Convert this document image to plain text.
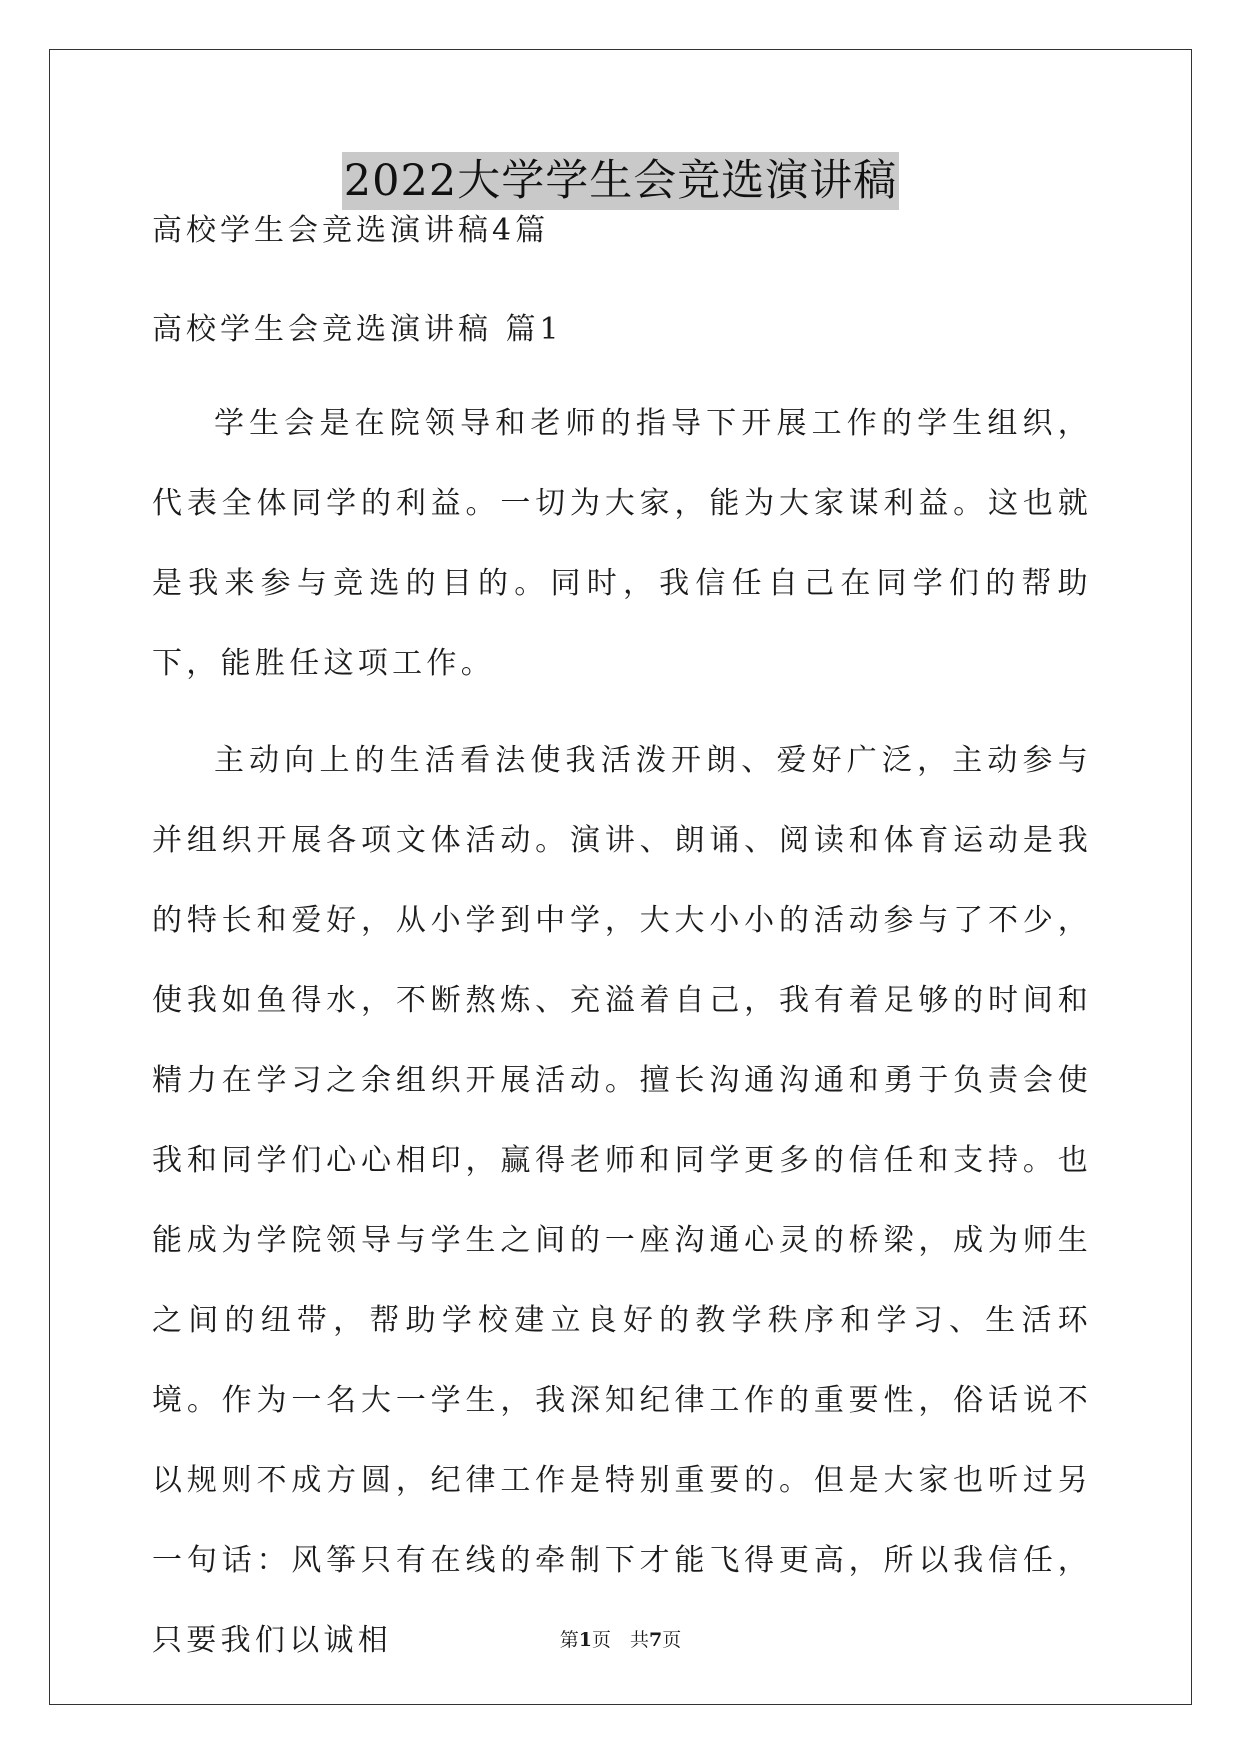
2022大学学生会竞选演讲稿
高校学生会竞选演讲稿4篇
高校学生会竞选演讲稿 篇1

学生会是在院领导和老师的指导下开展工作的学生组织，代表全体同学的利益。一切为大家，能为大家谋利益。这也就是我来参与竞选的目的。同时，我信任自己在同学们的帮助下，能胜任这项工作。

主动向上的生活看法使我活泼开朗、爱好广泛，主动参与并组织开展各项文体活动。演讲、朗诵、阅读和体育运动是我的特长和爱好，从小学到中学，大大小小的活动参与了不少，使我如鱼得水，不断熬炼、充溢着自己，我有着足够的时间和精力在学习之余组织开展活动。擅长沟通沟通和勇于负责会使我和同学们心心相印，赢得老师和同学更多的信任和支持。也能成为学院领导与学生之间的一座沟通心灵的桥梁，成为师生之间的纽带，帮助学校建立良好的教学秩序和学习、生活环境。作为一名大一学生，我深知纪律工作的重要性，俗话说不以规则不成方圆，纪律工作是特别重要的。但是大家也听过另一句话：风筝只有在线的牵制下才能飞得更高，所以我信任，只要我们以诚相	第1页　共7页
